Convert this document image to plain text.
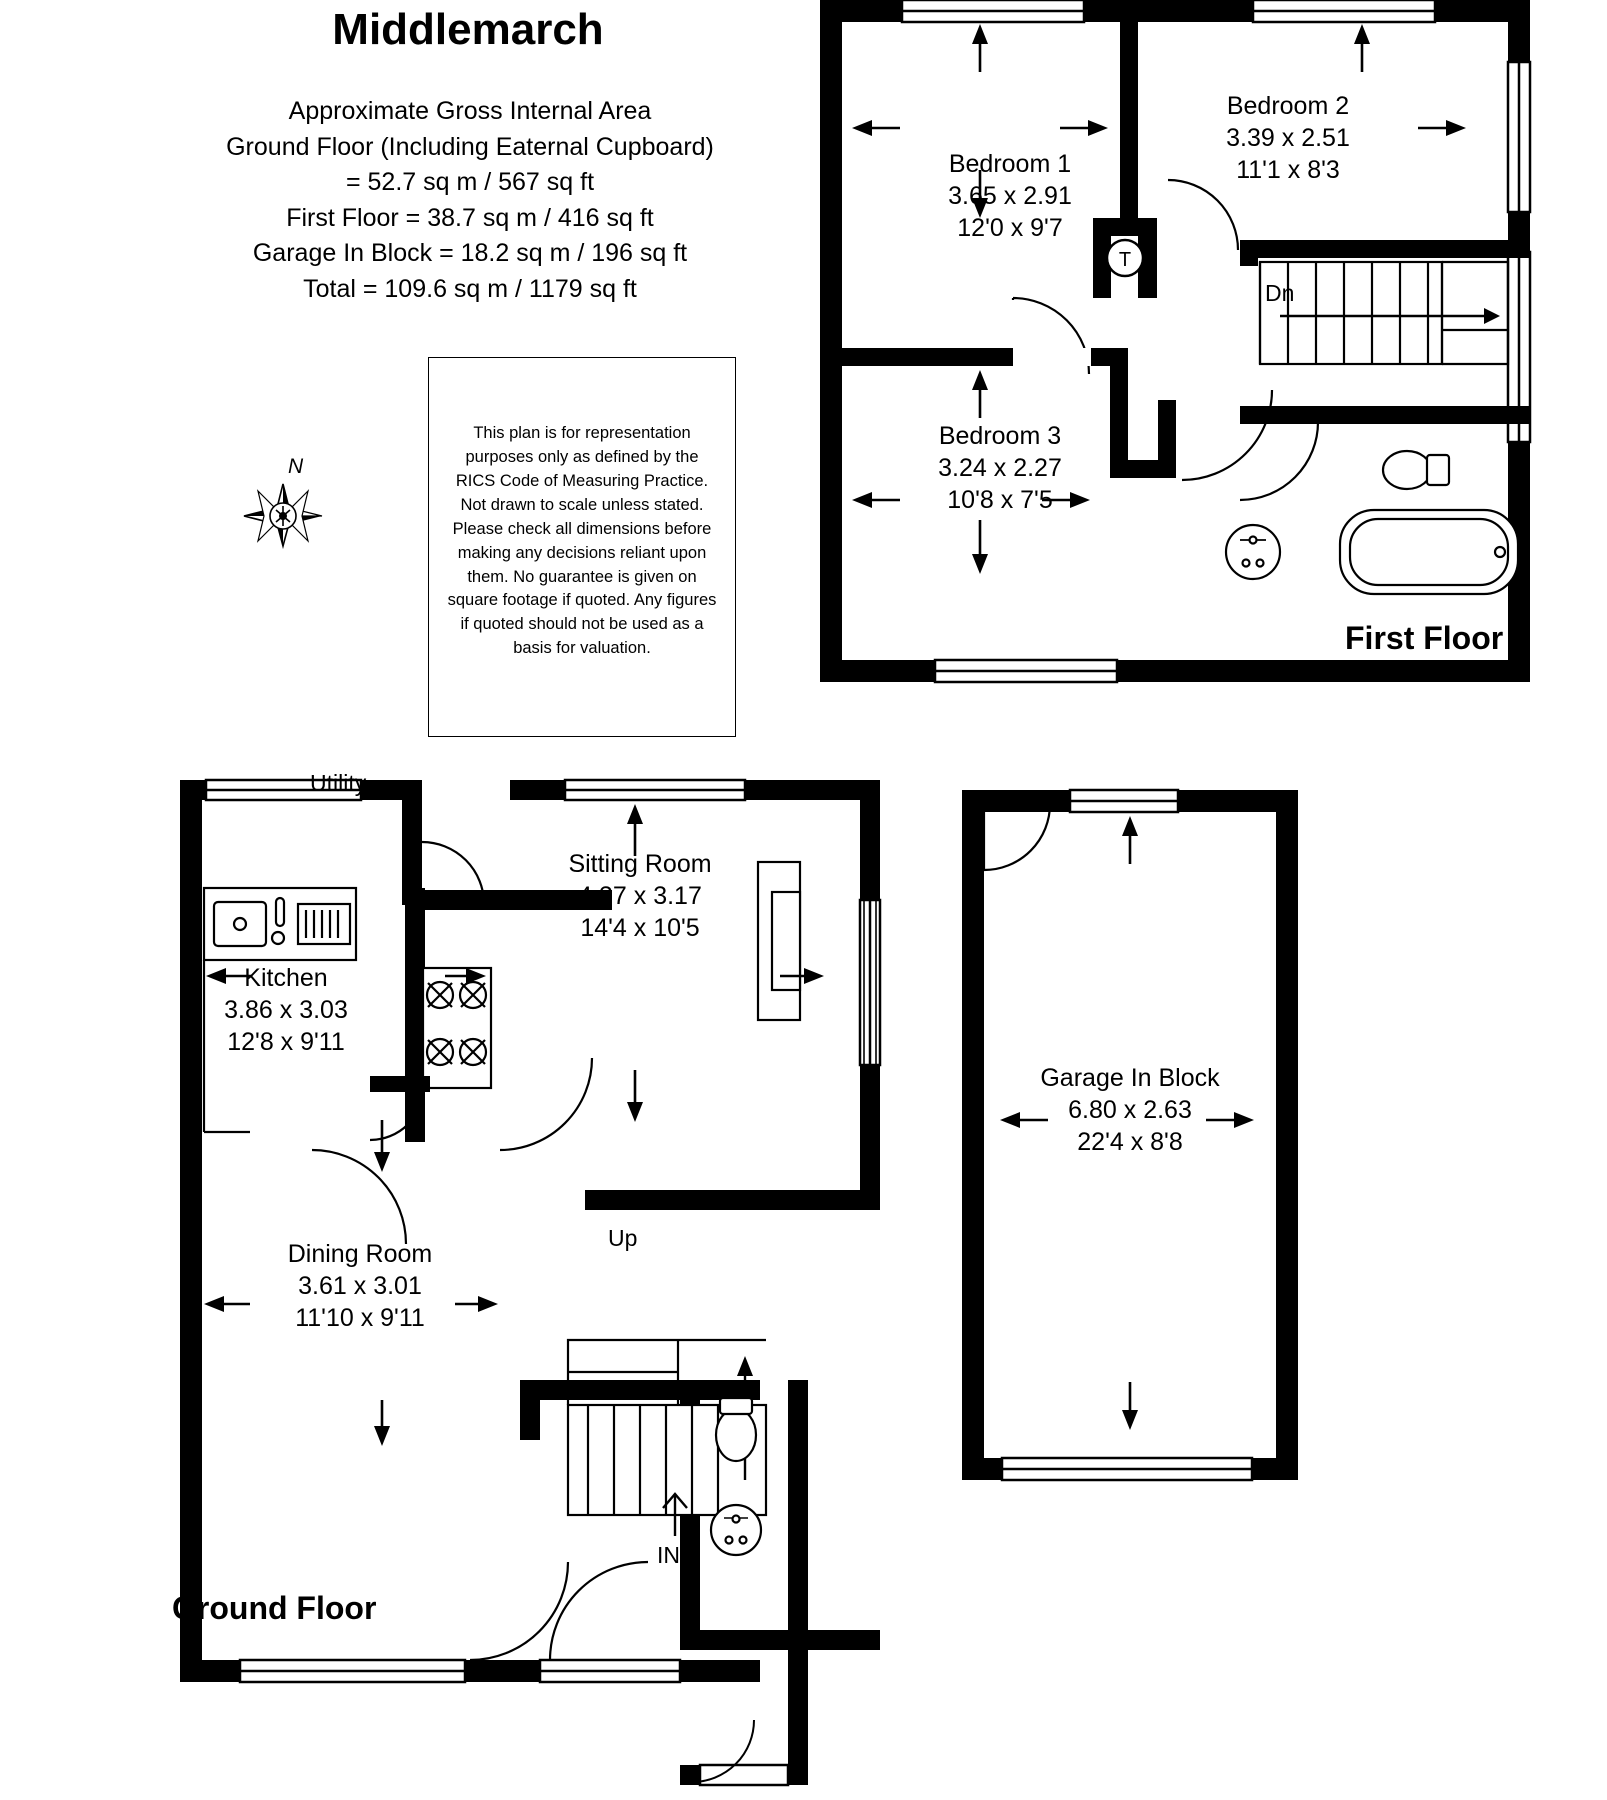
Middlemarch
Approximate Gross Internal Area
Ground Floor (Including Eaternal Cupboard)
= 52.7 sq m / 567 sq ft
First Floor = 38.7 sq m / 416 sq ft
Garage In Block = 18.2 sq m / 196 sq ft
Total = 109.6 sq m / 1179 sq ft
This plan is for representation purposes only as defined by the RICS Code of Measuring Practice. Not drawn to scale unless stated. Please check all dimensions before making any decisions reliant upon them. No guarantee is given on square footage if quoted. Any figures if quoted should not be used as a basis for valuation.
N
T
Bedroom 1
3.65 x 2.91
12'0 x 9'7
Bedroom 2
3.39 x 2.51
11'1 x 8'3
Bedroom 3
3.24 x 2.27
10'8 x 7'5
Dn
First Floor
Utility
Kitchen
3.86 x 3.03
12'8 x 9'11
Sitting Room
4.37 x 3.17
14'4 x 10'5
Dining Room
3.61 x 3.01
11'10 x 9'11
Up
IN
Ground Floor
Garage In Block
6.80 x 2.63
22'4 x 8'8
